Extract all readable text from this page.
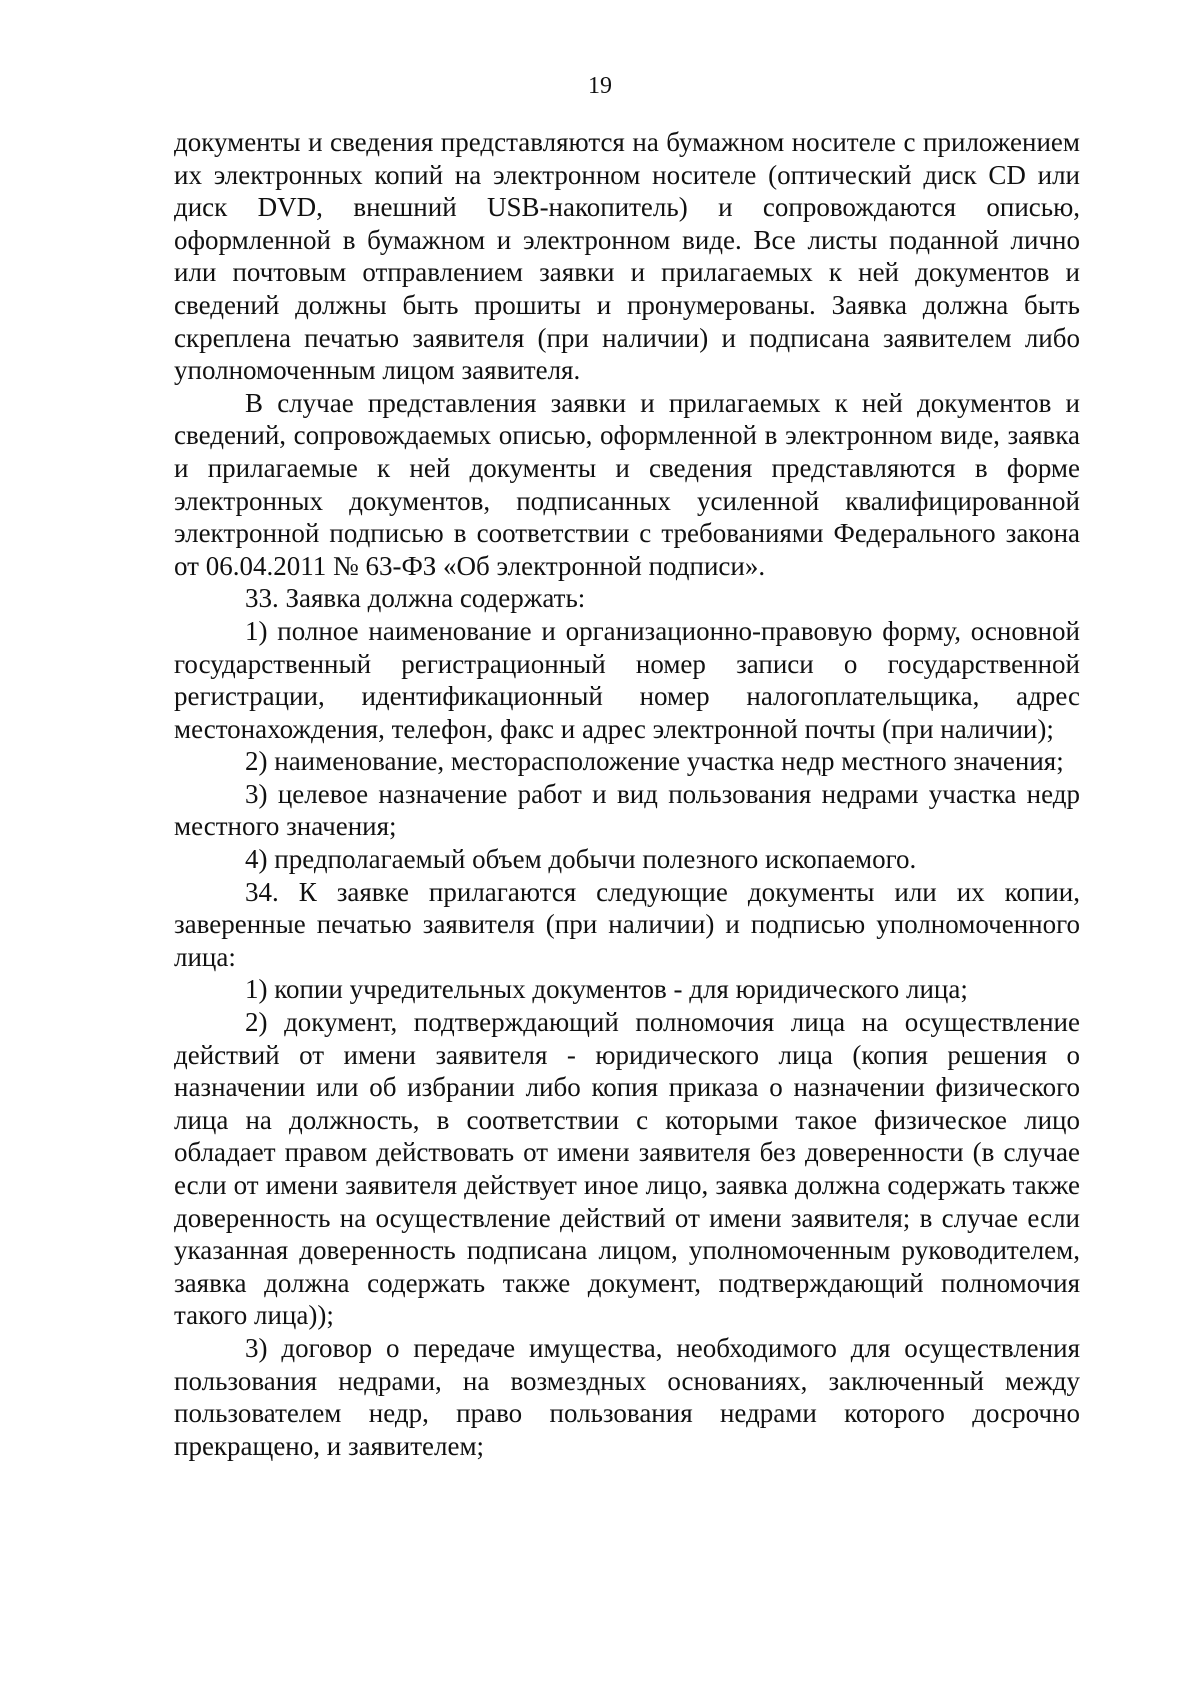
19

документы и сведения представляются на бумажном носителе с приложением их электронных копий на электронном носителе (оптический диск CD или диск DVD, внешний USB-накопитель) и сопровождаются описью, оформленной в бумажном и электронном виде. Все листы поданной лично или почтовым отправлением заявки и прилагаемых к ней документов и сведений должны быть прошиты и пронумерованы. Заявка должна быть скреплена печатью заявителя (при наличии) и подписана заявителем либо уполномоченным лицом заявителя.

В случае представления заявки и прилагаемых к ней документов и сведений, сопровождаемых описью, оформленной в электронном виде, заявка и прилагаемые к ней документы и сведения представляются в форме электронных документов, подписанных усиленной квалифицированной электронной подписью в соответствии с требованиями Федерального закона от 06.04.2011 № 63-ФЗ «Об электронной подписи».

33. Заявка должна содержать:

1) полное наименование и организационно-правовую форму, основной государственный регистрационный номер записи о государственной регистрации, идентификационный номер налогоплательщика, адрес местонахождения, телефон, факс и адрес электронной почты (при наличии);

2) наименование, месторасположение участка недр местного значения;

3) целевое назначение работ и вид пользования недрами участка недр местного значения;

4) предполагаемый объем добычи полезного ископаемого.

34. К заявке прилагаются следующие документы или их копии, заверенные печатью заявителя (при наличии) и подписью уполномоченного лица:

1) копии учредительных документов - для юридического лица;

2) документ, подтверждающий полномочия лица на осуществление действий от имени заявителя - юридического лица (копия решения о назначении или об избрании либо копия приказа о назначении физического лица на должность, в соответствии с которыми такое физическое лицо обладает правом действовать от имени заявителя без доверенности (в случае если от имени заявителя действует иное лицо, заявка должна содержать также доверенность на осуществление действий от имени заявителя; в случае если указанная доверенность подписана лицом, уполномоченным руководителем, заявка должна содержать также документ, подтверждающий полномочия такого лица));

3) договор о передаче имущества, необходимого для осуществления пользования недрами, на возмездных основаниях, заключенный между пользователем недр, право пользования недрами которого досрочно прекращено, и заявителем;
